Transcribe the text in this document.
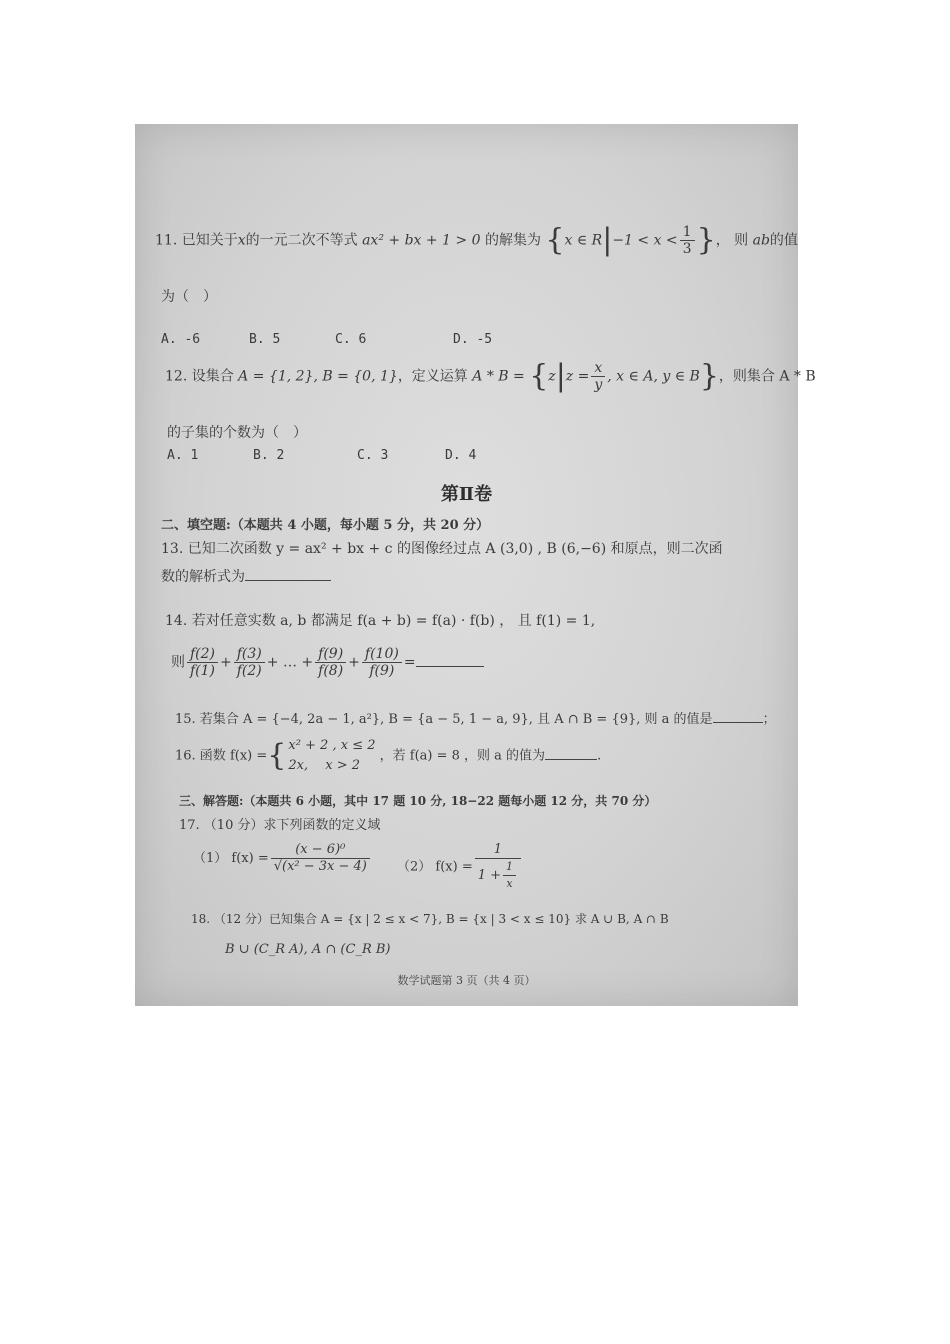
11. 已知关于x的一元二次不等式 ax² + bx + 1 > 0 的解集为 {x ∈ $R|-1 < x < \frac{1}{3}$ }， 则 ab的值
为（　）
A. -6	B. 5	C. 6	D. -5
12. 设集合 A = {1, 2}, B = {0, 1}，定义运算 $A * B = \{z|z = \frac{x}{y}$ , x ∈ A, y ∈ B}，则集合 A * B
的子集的个数为（　）
A. 1	B. 2	C. 3	D. 4
第Ⅱ卷
二、填空题:（本题共 4 小题，每小题 5 分，共 20 分）
13. 已知二次函数 y = ax² + bx + c 的图像经过点 A (3,0) , B (6,−6) 和原点，则二次函
数的解析式为
14. 若对任意实数 a, b 都满足 f(a + b) = f(a) · f(b) ， 且 f(1) = 1,
则 $\frac{f(2)}{f(1)} + \frac{f(3)}{f(2)}$ + … + $\frac{f(9)}{f(8)} + \frac{f(10)}{f(9)}$ =
15. 若集合 A = {−4, 2a − 1, a²}, B = {a − 5, 1 − a, 9}, 且 A ∩ B = {9}, 则 a 的值是	；
16. 函数 f(x) ={ x² + 2 , x ≤ 2
2x,　 x > 2
，若 f(a) = 8 ，则 a 的值为	.
三、解答题:（本题共 6 小题，其中 17 题 10 分, 18−22 题每小题 12 分，共 70 分）
17. （10 分）求下列函数的定义域
（1） $f(x) = \frac{\text{(x − 6)⁰}}{\text{√(x² − 3x − 4)}} (2) f(x) = \frac{1}{1 + \frac{1}{x}}$
18. （12 分）已知集合 A = {x | 2 ≤ x < 7}, B = {x | 3 < x ≤ 10} 求 A ∪ B, A ∩ B
B ∪ (C_R A), A ∩ (C_R B)
数学试题第 3 页（共 4 页）
